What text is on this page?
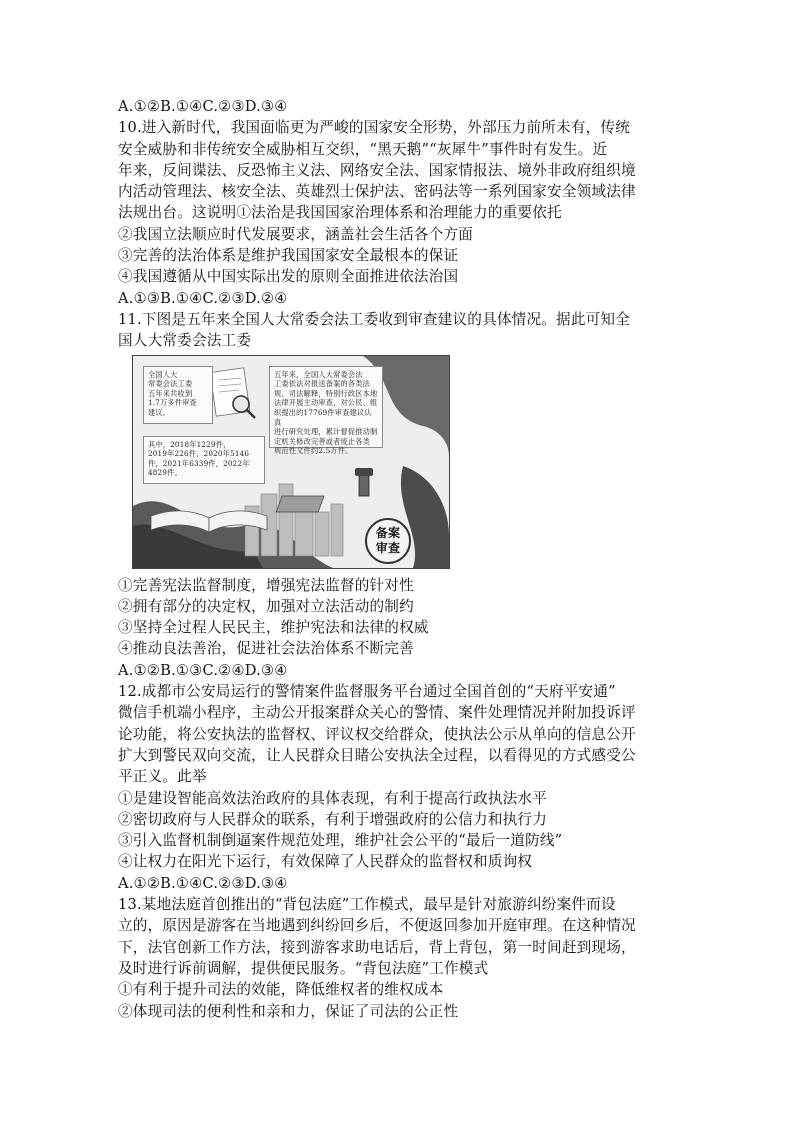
A.①②B.①④C.②③D.③④
10.进入新时代，我国面临更为严峻的国家安全形势，外部压力前所未有，传统
安全威胁和非传统安全威胁相互交织，“黑天鹅”“灰犀牛”事件时有发生。近
年来，反间谍法、反恐怖主义法、网络安全法、国家情报法、境外非政府组织境
内活动管理法、核安全法、英雄烈士保护法、密码法等一系列国家安全领域法律
法规出台。这说明①法治是我国国家治理体系和治理能力的重要依托
②我国立法顺应时代发展要求，涵盖社会生活各个方面
③完善的法治体系是维护我国国家安全最根本的保证
④我国遵循从中国实际出发的原则全面推进依法治国
A.①③B.①④C.②③D.②④
11.下图是五年来全国人大常委会法工委收到审查建议的具体情况。据此可知全
国人大常委会法工委
全国人大
常委会法工委
五年来共收到
1.7万多件审查
建议。
其中，2018年1229件，
2019年226件，2020年5146
件，2021年6339件，2022年
4829件。
五年来，全国人大常委会法
工委依法对报送备案的各类法
规、司法解释，特别行政区本地
法律开展主动审查，对公民、组
织提出的17769件审查建议认真
进行研究处理，累计督促推动制
定机关修改完善或者废止各类
规范性文件约2.5万件。
备案
审查
①完善宪法监督制度，增强宪法监督的针对性
②拥有部分的决定权，加强对立法活动的制约
③坚持全过程人民民主，维护宪法和法律的权威
④推动良法善治，促进社会法治体系不断完善
A.①②B.①③C.②④D.③④
12.成都市公安局运行的警情案件监督服务平台通过全国首创的“天府平安通”
微信手机端小程序，主动公开报案群众关心的警情、案件处理情况并附加投诉评
论功能，将公安执法的监督权、评议权交给群众，使执法公示从单向的信息公开
扩大到警民双向交流，让人民群众目睹公安执法全过程，以看得见的方式感受公
平正义。此举
①是建设智能高效法治政府的具体表现，有利于提高行政执法水平
②密切政府与人民群众的联系，有利于增强政府的公信力和执行力
③引入监督机制倒逼案件规范处理，维护社会公平的“最后一道防线”
④让权力在阳光下运行，有效保障了人民群众的监督权和质询权
A.①②B.①④C.②③D.③④
13.某地法庭首创推出的“背包法庭”工作模式，最早是针对旅游纠纷案件而设
立的，原因是游客在当地遇到纠纷回乡后，不便返回参加开庭审理。在这种情况
下，法官创新工作方法，接到游客求助电话后，背上背包，第一时间赶到现场，
及时进行诉前调解，提供便民服务。“背包法庭”工作模式
①有利于提升司法的效能，降低维权者的维权成本
②体现司法的便利性和亲和力，保证了司法的公正性
